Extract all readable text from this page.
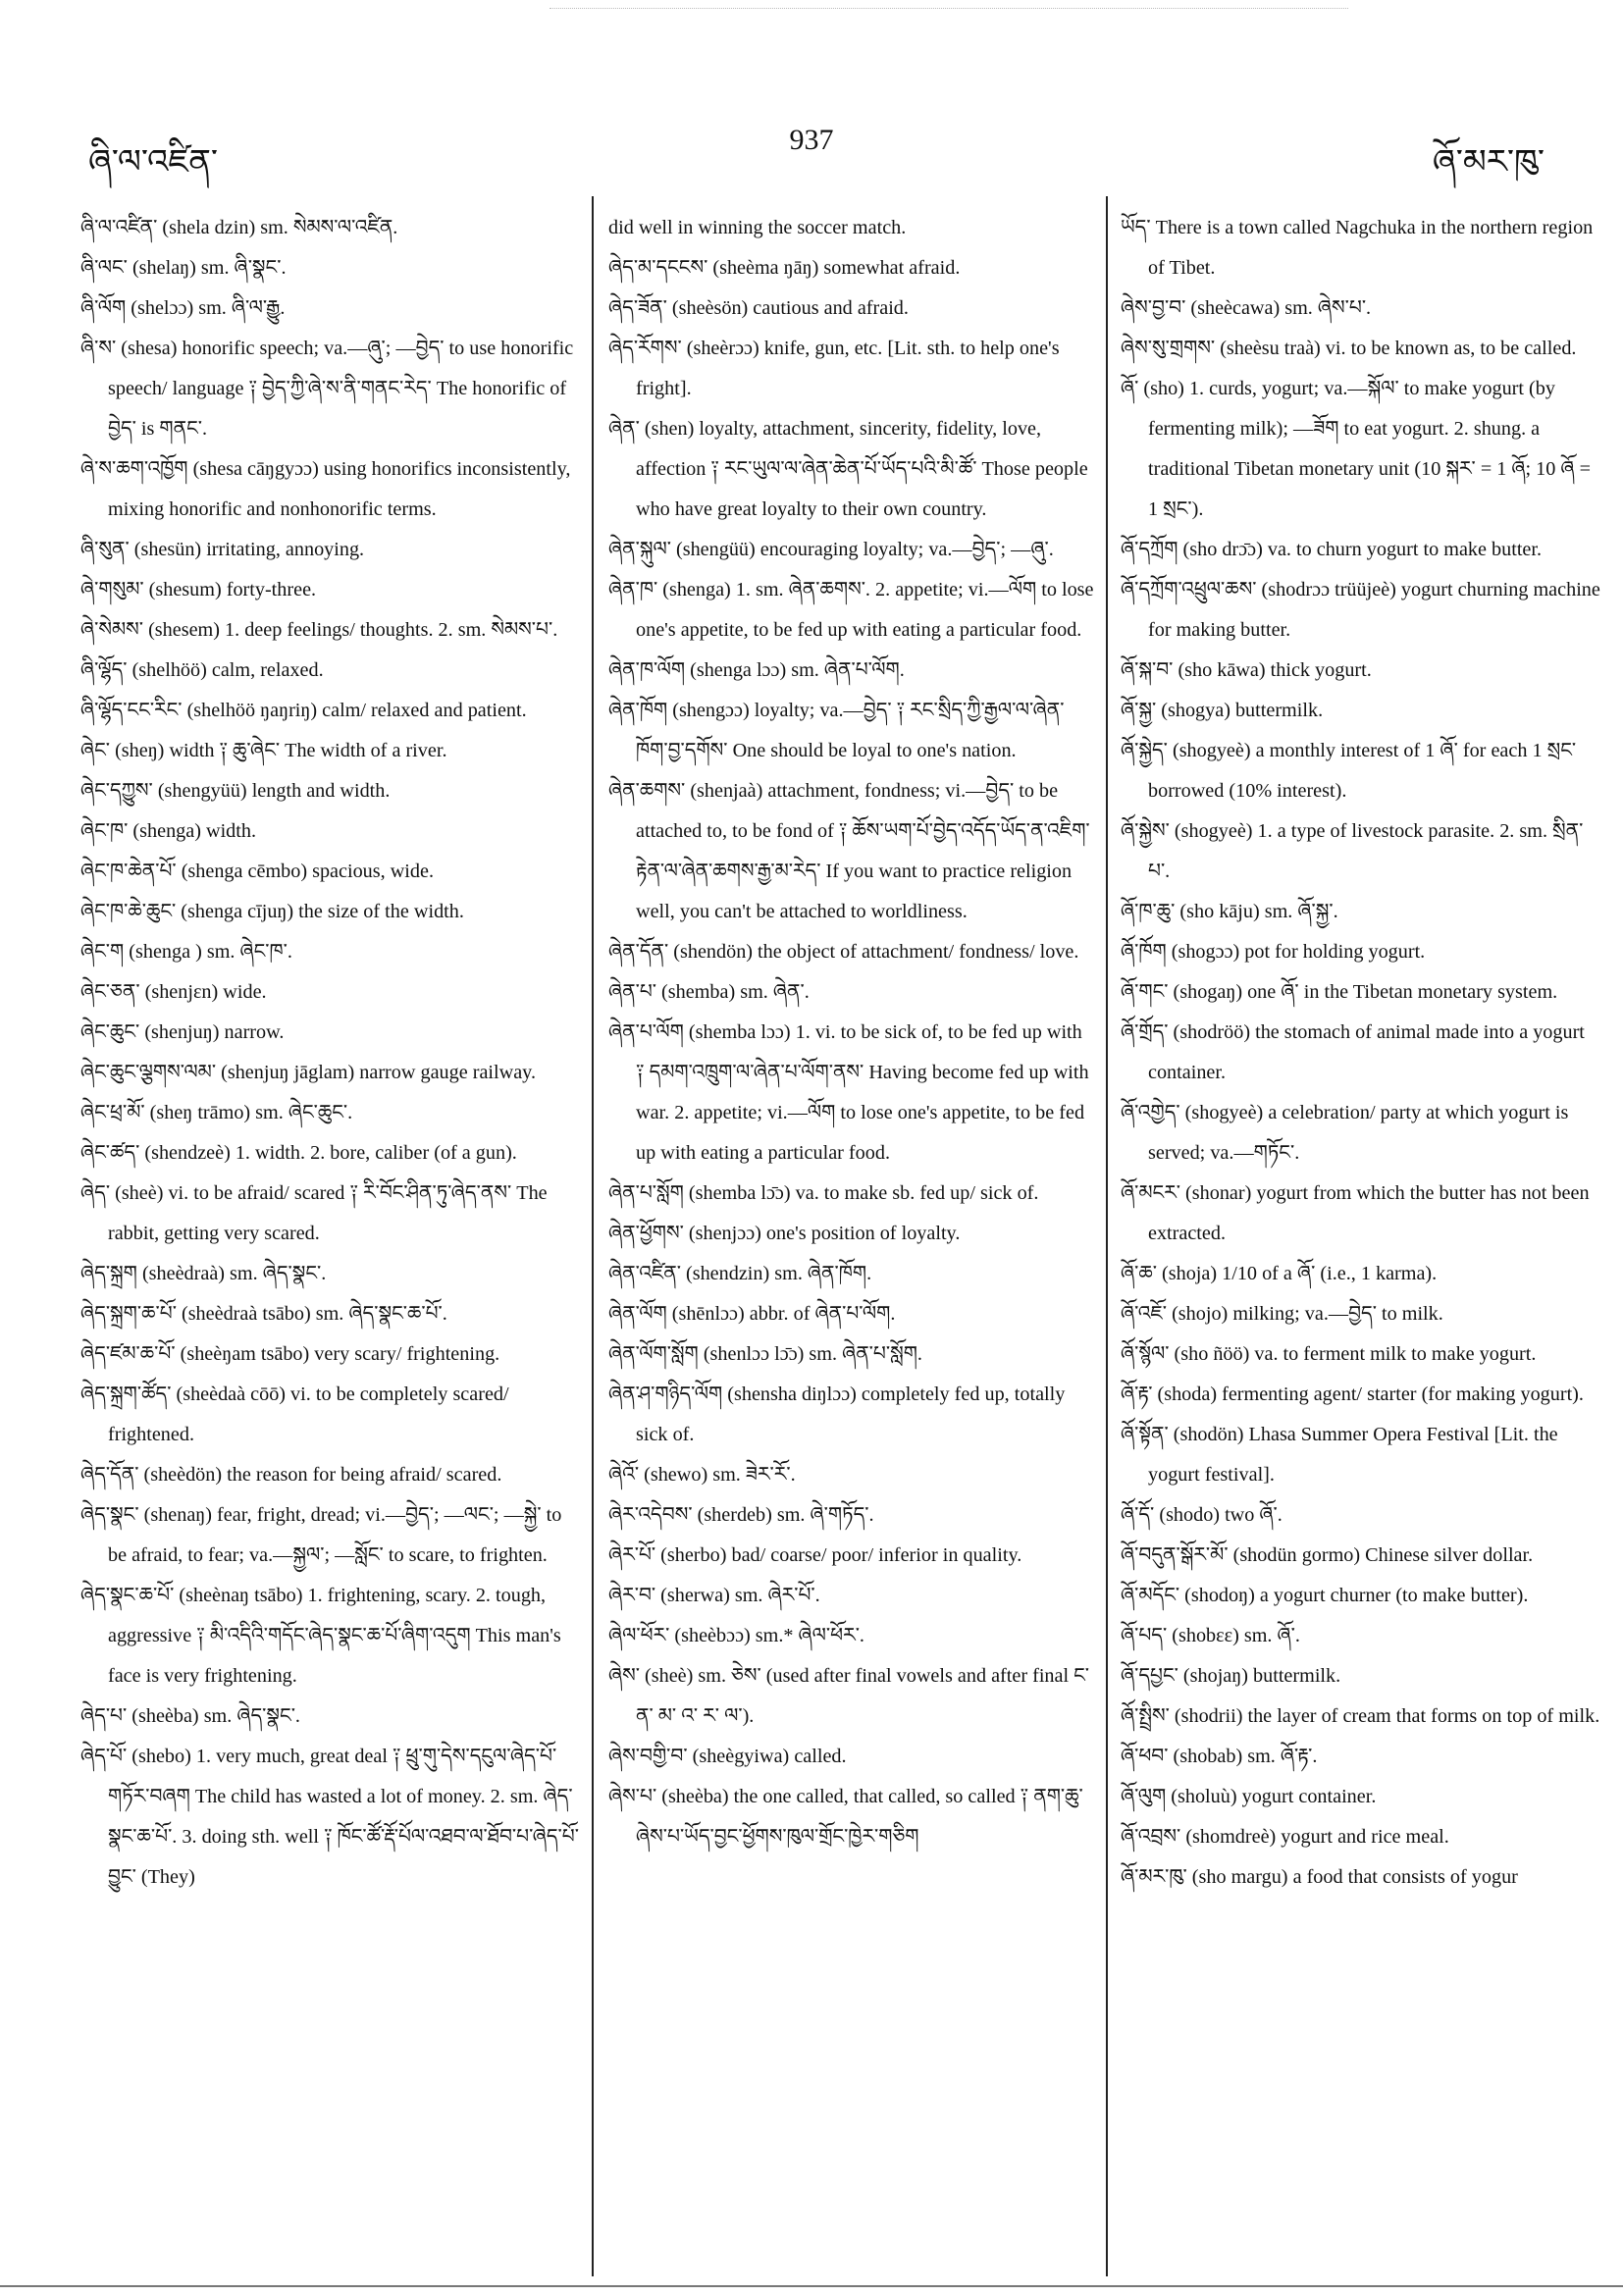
ཞི་ལ་འཛིན་
937
ཞོ་མར་ཁུ་
ཞི་ལ་འཛིན་ (shela dzin) sm. སེམས་ལ་འཛིན.
ཞི་ལང་ (shelaŋ) sm. ཞི་སྣང་.
ཞི་ལོག (shelɔɔ) sm. ཞི་ལ་རྒྱུ.
ཞི་ས་ (shesa) honorific speech; va.—ཞུ་; —བྱེད་ to use honorific speech/ language ༑ བྱེད་ཀྱི་ཞེ་ས་ནི་གནང་རེད་ The honorific of བྱེད་ is གནང་.
ཞེ་ས་ཆག་འཁྱོག (shesa cāŋgyɔɔ) using honorifics inconsistently, mixing honorific and nonhonorific terms.
ཞི་སུན་ (shesün) irritating, annoying.
ཞེ་གསུམ་ (shesum) forty-three.
ཞེ་སེམས་ (shesem) 1. deep feelings/ thoughts. 2. sm. སེམས་པ་.
ཞི་ལྷོད་ (shelhöö) calm, relaxed.
ཞི་ལྷོད་ངང་རིང་ (shelhöö ŋaŋriŋ) calm/ relaxed and patient.
ཞེང་ (sheŋ) width ༑ ཆུ་ཞེང་ The width of a river.
ཞེང་དཀྱུས་ (shengyüü) length and width.
ཞེང་ཁ་ (shenga) width.
ཞེང་ཁ་ཆེན་པོ་ (shenga cēmbo) spacious, wide.
ཞེང་ཁ་ཆེ་ཆུང་ (shenga cījuŋ) the size of the width.
ཞེང་ག (shenga ) sm. ཞེང་ཁ་.
ཞེང་ཅན་ (shenjɛn) wide.
ཞེང་ཆུང་ (shenjuŋ) narrow.
ཞེང་ཆུང་ལྕགས་ལམ་ (shenjuŋ jāglam) narrow gauge railway.
ཞེང་ཕྲ་མོ་ (sheŋ trāmo) sm. ཞེང་ཆུང་.
ཞེང་ཚད་ (shendzeè) 1. width. 2. bore, caliber (of a gun).
ཞེད་ (sheè) vi. to be afraid/ scared ༑ རི་བོང་ཤིན་ཏུ་ཞེད་ནས་ The rabbit, getting very scared.
ཞེད་སྐྲག (sheèdraà) sm. ཞེད་སྣང་.
ཞེད་སྐྲག་ཆ་པོ་ (sheèdraà tsābo) sm. ཞེད་སྣང་ཆ་པོ་.
ཞེད་ཛམ་ཆ་པོ་ (sheèŋam tsābo) very scary/ frightening.
ཞེད་སྐྲག་ཚོད་ (sheèdaà cōō) vi. to be completely scared/ frightened.
ཞེད་དོན་ (sheèdön) the reason for being afraid/ scared.
ཞེད་སྣང་ (shenaŋ) fear, fright, dread; vi.—བྱེད་; —ལང་; —སྐྱེ་ to be afraid, to fear; va.—སྐྱལ་; —སློང་ to scare, to frighten.
ཞེད་སྣང་ཆ་པོ་ (sheènaŋ tsābo) 1. frightening, scary. 2. tough, aggressive ༑ མི་འདིའི་གདོང་ཞེད་སྣང་ཆ་པོ་ཞིག་འདུག This man's face is very frightening.
ཞེད་པ་ (sheèba) sm. ཞེད་སྣང་.
ཞེད་པོ་ (shebo) 1. very much, great deal ༑ ཕྲུ་གུ་དེས་དངུལ་ཞེད་པོ་གཏོར་བཞག The child has wasted a lot of money. 2. sm. ཞེད་སྣང་ཆ་པོ་. 3. doing sth. well ༑ ཁོང་ཚོ་རྡོ་པོལ་འཐབ་ལ་ཐོབ་པ་ཞེད་པོ་བྱུང་ (They)
did well in winning the soccer match.
ཞེད་མ་དངངས་ (sheèma ŋāŋ) somewhat afraid.
ཞེད་ཟོན་ (sheèsön) cautious and afraid.
ཞེད་རོགས་ (sheèrɔɔ) knife, gun, etc. [Lit. sth. to help one's fright].
ཞེན་ (shen) loyalty, attachment, sincerity, fidelity, love, affection ༑ རང་ཡུལ་ལ་ཞེན་ཆེན་པོ་ཡོད་པའི་མི་ཚོ་ Those people who have great loyalty to their own country.
ཞེན་སྐུལ་ (shengüü) encouraging loyalty; va.—བྱེད་; —ཞུ་.
ཞེན་ཁ་ (shenga) 1. sm. ཞེན་ཆགས་. 2. appetite; vi.—ལོག to lose one's appetite, to be fed up with eating a particular food.
ཞེན་ཁ་ལོག (shenga lɔɔ) sm. ཞེན་པ་ལོག.
ཞེན་ཁོག (shengɔɔ) loyalty; va.—བྱེད་ ༑ རང་སྲིད་ཀྱི་རྒྱལ་ལ་ཞེན་ཁོག་བྱ་དགོས་ One should be loyal to one's nation.
ཞེན་ཆགས་ (shenjaà) attachment, fondness; vi.—བྱེད་ to be attached to, to be fond of ༑ ཆོས་ཡག་པོ་བྱེད་འདོད་ཡོད་ན་འཇིག་རྟེན་ལ་ཞེན་ཆགས་རྒྱ་མ་རེད་ If you want to practice religion well, you can't be attached to worldliness.
ཞེན་དོན་ (shendön) the object of attachment/ fondness/ love.
ཞེན་པ་ (shemba) sm. ཞེན་.
ཞེན་པ་ལོག (shemba lɔɔ) 1. vi. to be sick of, to be fed up with ༑ དམག་འཁྲུག་ལ་ཞེན་པ་ལོག་ནས་ Having become fed up with war. 2. appetite; vi.—ལོག to lose one's appetite, to be fed up with eating a particular food.
ཞེན་པ་སློག (shemba lɔ̄ɔ) va. to make sb. fed up/ sick of.
ཞེན་ཕྱོགས་ (shenjɔɔ) one's position of loyalty.
ཞེན་འཛིན་ (shendzin) sm. ཞེན་ཁོག.
ཞེན་ལོག (shēnlɔɔ) abbr. of ཞེན་པ་ལོག.
ཞེན་ལོག་སློག (shenlɔɔ lɔ̄ɔ) sm. ཞེན་པ་སློག.
ཞེན་ཤ་གཉིད་ལོག (shensha diŋlɔɔ) completely fed up, totally sick of.
ཞེའོ་ (shewo) sm. ཟེར་རོ་.
ཞེར་འདེབས་ (sherdeb) sm. ཞེ་གཏོད་.
ཞེར་པོ་ (sherbo) bad/ coarse/ poor/ inferior in quality.
ཞེར་བ་ (sherwa) sm. ཞེར་པོ་.
ཞེལ་ཕོར་ (sheèbɔɔ) sm.* ཞེལ་ཕོར་.
ཞེས་ (sheè) sm. ཅེས་ (used after final vowels and after final ང་ ན་ མ་ འ་ ར་ ལ་).
ཞེས་བགྱི་བ་ (sheègyiwa) called.
ཞེས་པ་ (sheèba) the one called, that called, so called ༑ ནག་ཆུ་ཞེས་པ་ཡོད་བྱང་ཕྱོགས་ཁུལ་གྲོང་ཁྱེར་གཅིག
ཡོད་ There is a town called Nagchuka in the northern region of Tibet.
ཞེས་བྱ་བ་ (sheècawa) sm. ཞེས་པ་.
ཞེས་སུ་གྲགས་ (sheèsu traà) vi. to be known as, to be called.
ཞོ་ (sho) 1. curds, yogurt; va.—སྐོལ་ to make yogurt (by fermenting milk); —ཟོག to eat yogurt. 2. shung. a traditional Tibetan monetary unit (10 སྐར་ = 1 ཞོ; 10 ཞོ = 1 སྲང་).
ཞོ་དཀྲོག (sho drɔ̄ɔ) va. to churn yogurt to make butter.
ཞོ་དཀྲོག་འཕྲུལ་ཆས་ (shodrɔɔ trüüjeè) yogurt churning machine for making butter.
ཞོ་སྐ་བ་ (sho kāwa) thick yogurt.
ཞོ་སྐྱ་ (shogya) buttermilk.
ཞོ་སྐྱེད་ (shogyeè) a monthly interest of 1 ཞོ་ for each 1 སྲང་ borrowed (10% interest).
ཞོ་སྐྱེས་ (shogyeè) 1. a type of livestock parasite. 2. sm. སྲིན་པ་.
ཞོ་ཁ་ཆུ་ (sho kāju) sm. ཞོ་སྐྱ་.
ཞོ་ཁོག (shogɔɔ) pot for holding yogurt.
ཞོ་གང་ (shogaŋ) one ཞོ་ in the Tibetan monetary system.
ཞོ་གྲོད་ (shodröö) the stomach of animal made into a yogurt container.
ཞོ་འགྱེད་ (shogyeè) a celebration/ party at which yogurt is served; va.—གཏོང་.
ཞོ་མངར་ (shonar) yogurt from which the butter has not been extracted.
ཞོ་ཆ་ (shoja) 1/10 of a ཞོ་ (i.e., 1 karma).
ཞོ་འཇོ་ (shojo) milking; va.—བྱེད་ to milk.
ཞོ་སྙོལ་ (sho ñöö) va. to ferment milk to make yogurt.
ཞོ་རྟ་ (shoda) fermenting agent/ starter (for making yogurt).
ཞོ་སྟོན་ (shodön) Lhasa Summer Opera Festival [Lit. the yogurt festival].
ཞོ་དོ་ (shodo) two ཞོ་.
ཞོ་བདུན་སྒོར་མོ་ (shodün gormo) Chinese silver dollar.
ཞོ་མདོང་ (shodoŋ) a yogurt churner (to make butter).
ཞོ་པད་ (shobɛɛ) sm. ཞོ་.
ཞོ་དཔྱང་ (shojaŋ) buttermilk.
ཞོ་སྤྲིས་ (shodrii) the layer of cream that forms on top of milk.
ཞོ་ཕབ་ (shobab) sm. ཞོ་རྟ་.
ཞོ་ལུག (sholuù) yogurt container.
ཞོ་འབྲས་ (shomdreè) yogurt and rice meal.
ཞོ་མར་ཁུ་ (sho margu) a food that consists of yogur
